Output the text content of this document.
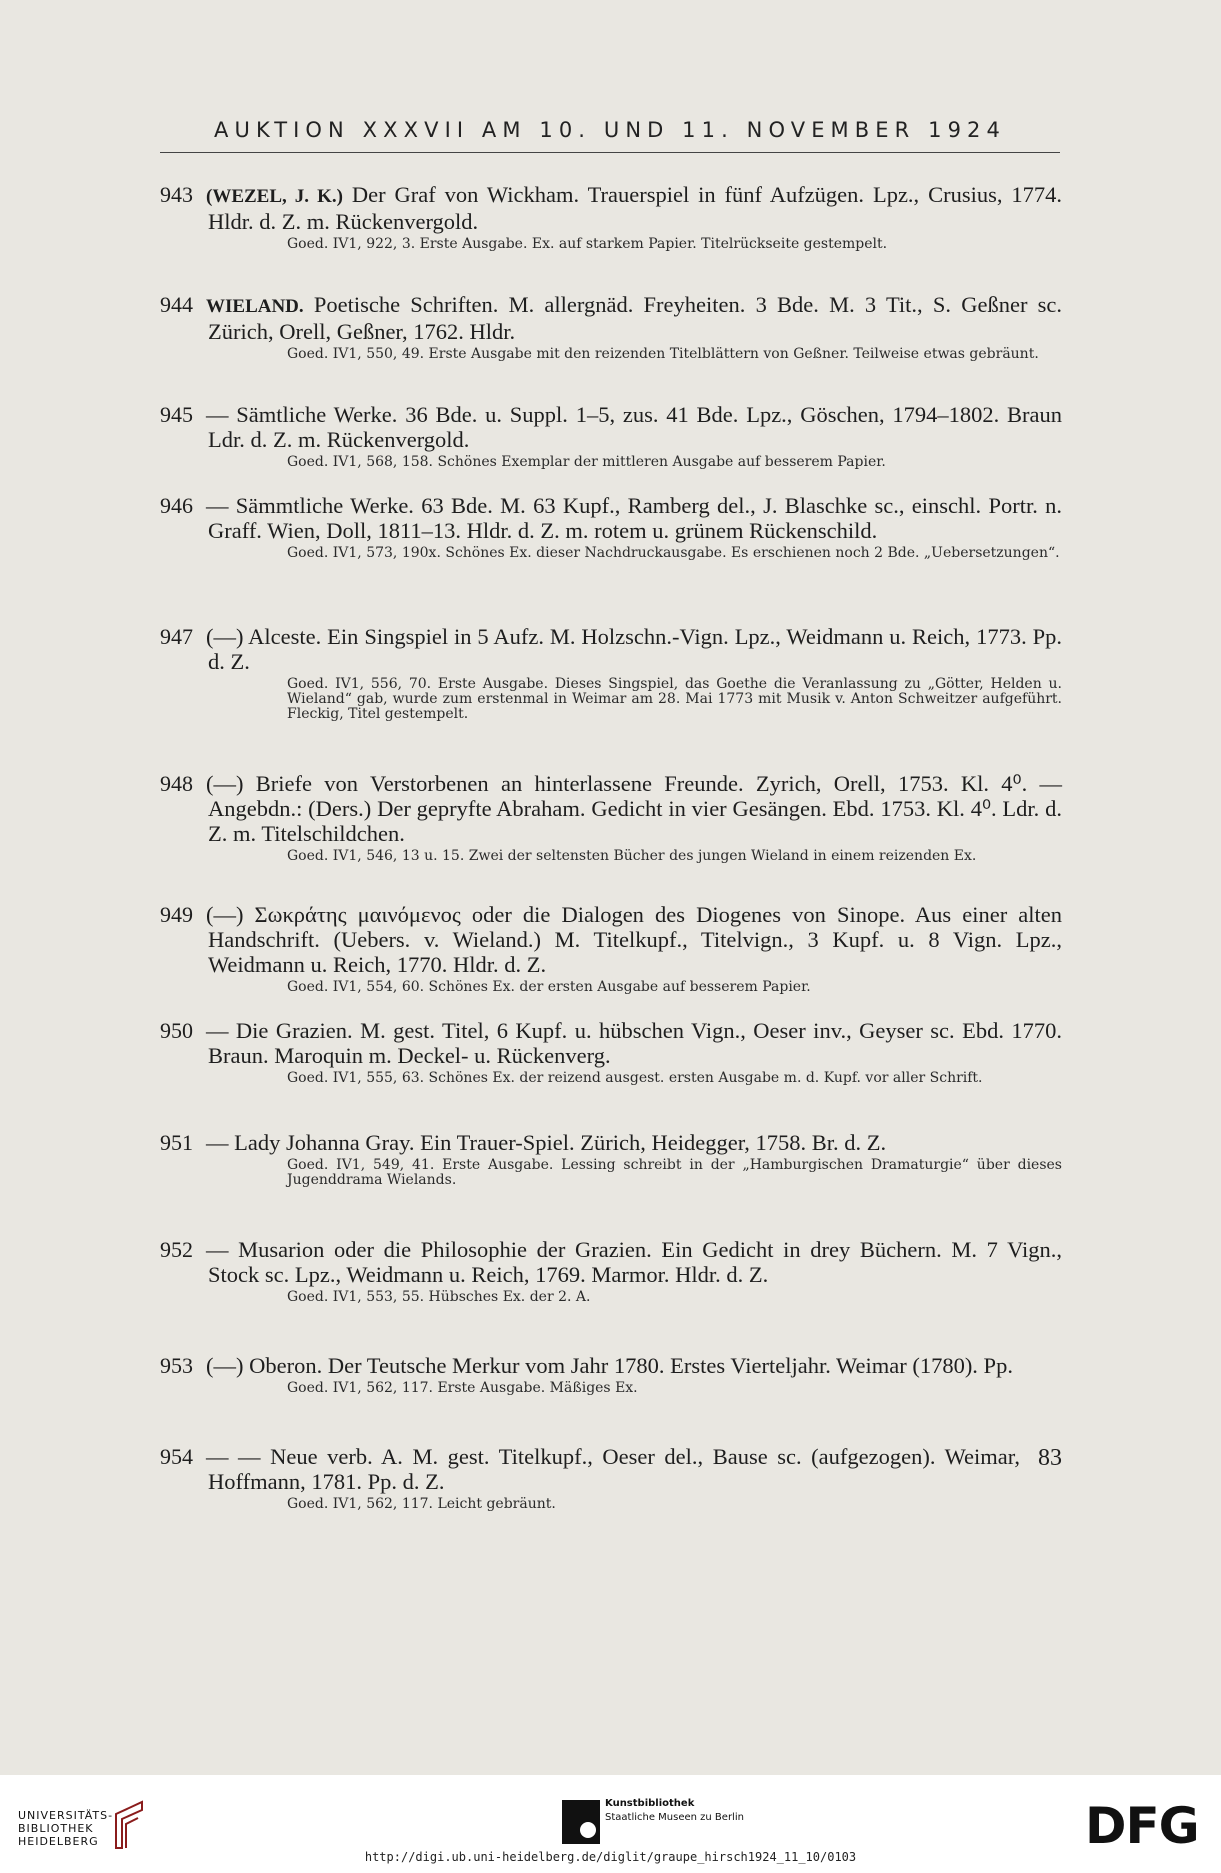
AUKTION XXXVII AM 10. UND 11. NOVEMBER 1924
943 (WEZEL, J. K.) Der Graf von Wickham. Trauerspiel in fünf Aufzügen. Lpz., Crusius, 1774. Hldr. d. Z. m. Rückenvergold.
Goed. IV1, 922, 3. Erste Ausgabe. Ex. auf starkem Papier. Titelrückseite gestempelt.
944 WIELAND. Poetische Schriften. M. allergnäd. Freyheiten. 3 Bde. M. 3 Tit., S. Geßner sc. Zürich, Orell, Geßner, 1762. Hldr.
Goed. IV1, 550, 49. Erste Ausgabe mit den reizenden Titelblättern von Geßner. Teilweise etwas gebräunt.
945 — Sämtliche Werke. 36 Bde. u. Suppl. 1–5, zus. 41 Bde. Lpz., Göschen, 1794–1802. Braun Ldr. d. Z. m. Rückenvergold.
Goed. IV1, 568, 158. Schönes Exemplar der mittleren Ausgabe auf besserem Papier.
946 — Sämmtliche Werke. 63 Bde. M. 63 Kupf., Ramberg del., J. Blaschke sc., einschl. Portr. n. Graff. Wien, Doll, 1811–13. Hldr. d. Z. m. rotem u. grünem Rückenschild.
Goed. IV1, 573, 190x. Schönes Ex. dieser Nachdruckausgabe. Es erschienen noch 2 Bde. „Uebersetzungen“.
947 (—) Alceste. Ein Singspiel in 5 Aufz. M. Holzschn.-Vign. Lpz., Weidmann u. Reich, 1773. Pp. d. Z.
Goed. IV1, 556, 70. Erste Ausgabe. Dieses Singspiel, das Goethe die Veranlassung zu „Götter, Helden u. Wieland“ gab, wurde zum erstenmal in Weimar am 28. Mai 1773 mit Musik v. Anton Schweitzer aufgeführt. Fleckig, Titel gestempelt.
948 (—) Briefe von Verstorbenen an hinterlassene Freunde. Zyrich, Orell, 1753. Kl. 4⁰. — Angebdn.: (Ders.) Der gepryfte Abraham. Gedicht in vier Gesängen. Ebd. 1753. Kl. 4⁰. Ldr. d. Z. m. Titelschildchen.
Goed. IV1, 546, 13 u. 15. Zwei der seltensten Bücher des jungen Wieland in einem reizenden Ex.
949 (—) Σωκράτης μαινόμενος oder die Dialogen des Diogenes von Sinope. Aus einer alten Handschrift. (Uebers. v. Wieland.) M. Titelkupf., Titelvign., 3 Kupf. u. 8 Vign. Lpz., Weidmann u. Reich, 1770. Hldr. d. Z.
Goed. IV1, 554, 60. Schönes Ex. der ersten Ausgabe auf besserem Papier.
950 — Die Grazien. M. gest. Titel, 6 Kupf. u. hübschen Vign., Oeser inv., Geyser sc. Ebd. 1770. Braun. Maroquin m. Deckel- u. Rückenverg.
Goed. IV1, 555, 63. Schönes Ex. der reizend ausgest. ersten Ausgabe m. d. Kupf. vor aller Schrift.
951 — Lady Johanna Gray. Ein Trauer-Spiel. Zürich, Heidegger, 1758. Br. d. Z.
Goed. IV1, 549, 41. Erste Ausgabe. Lessing schreibt in der „Hamburgischen Dramaturgie“ über dieses Jugenddrama Wielands.
952 — Musarion oder die Philosophie der Grazien. Ein Gedicht in drey Büchern. M. 7 Vign., Stock sc. Lpz., Weidmann u. Reich, 1769. Marmor. Hldr. d. Z.
Goed. IV1, 553, 55. Hübsches Ex. der 2. A.
953 (—) Oberon. Der Teutsche Merkur vom Jahr 1780. Erstes Vierteljahr. Weimar (1780). Pp.
Goed. IV1, 562, 117. Erste Ausgabe. Mäßiges Ex.
954 — — Neue verb. A. M. gest. Titelkupf., Oeser del., Bause sc. (aufgezogen). Weimar, Hoffmann, 1781. Pp. d. Z.
Goed. IV1, 562, 117. Leicht gebräunt.
83
UNIVERSITÄTS-
BIBLIOTHEK
HEIDELBERG
Kunstbibliothek
Staatliche Museen zu Berlin	DFG
http://digi.ub.uni-heidelberg.de/diglit/graupe_hirsch1924_11_10/0103
